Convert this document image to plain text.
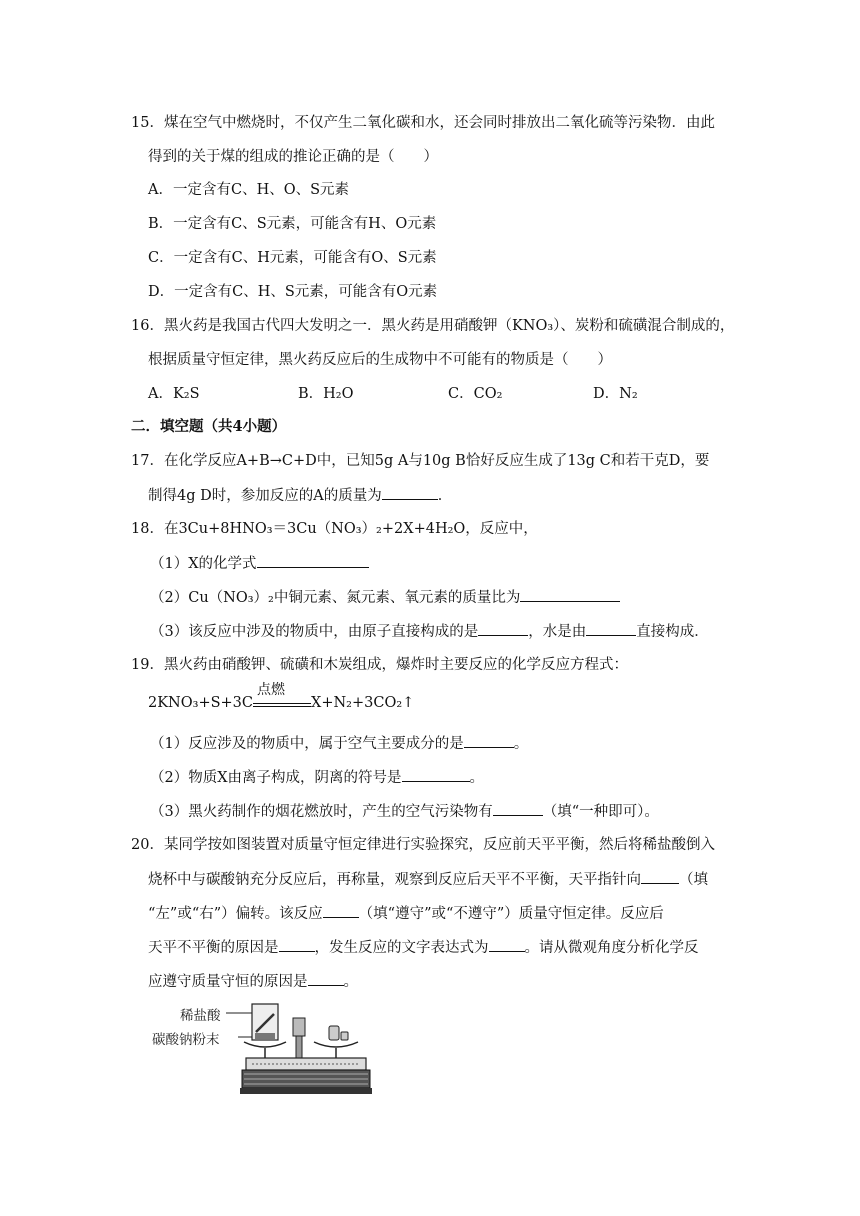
15．煤在空气中燃烧时，不仅产生二氧化碳和水，还会同时排放出二氧化硫等污染物．由此
得到的关于煤的组成的推论正确的是（　　）
A．一定含有C、H、O、S元素
B．一定含有C、S元素，可能含有H、O元素
C．一定含有C、H元素，可能含有O、S元素
D．一定含有C、H、S元素，可能含有O元素
16．黑火药是我国古代四大发明之一．黑火药是用硝酸钾（KNO₃）、炭粉和硫磺混合制成的，
根据质量守恒定律，黑火药反应后的生成物中不可能有的物质是（　　）
A．K₂S	B．H₂O	C．CO₂	D．N₂
二．填空题（共4小题）
17．在化学反应A+B→C+D中，已知5g A与10g B恰好反应生成了13g C和若干克D，要
制得4g D时，参加反应的A的质量为	．
18．在3Cu+8HNO₃＝3Cu（NO₃）₂+2X+4H₂O，反应中，
（1）X的化学式
（2）Cu（NO₃）₂中铜元素、氮元素、氧元素的质量比为
（3）该反应中涉及的物质中，由原子直接构成的是	，水是由	直接构成．
19．黑火药由硝酸钾、硫磺和木炭组成，爆炸时主要反应的化学反应方程式：
2KNO₃+S+3C
点燃
X+N₂+3CO₂↑
（1）反应涉及的物质中，属于空气主要成分的是	。
（2）物质X由离子构成，阴离的符号是	。
（3）黑火药制作的烟花燃放时，产生的空气污染物有	（填“一种即可）。
20．某同学按如图装置对质量守恒定律进行实验探究，反应前天平平衡，然后将稀盐酸倒入
烧杯中与碳酸钠充分反应后，再称量，观察到反应后天平不平衡，天平指针向	（填
“左”或“右”）偏转。该反应 （填“遵守”或“不遵守”）质量守恒定律。反应后
天平不平衡的原因是 ，发生反应的文字表达式为 。请从微观角度分析化学反
应遵守质量守恒的原因是 。
稀盐酸
碳酸钠粉末
